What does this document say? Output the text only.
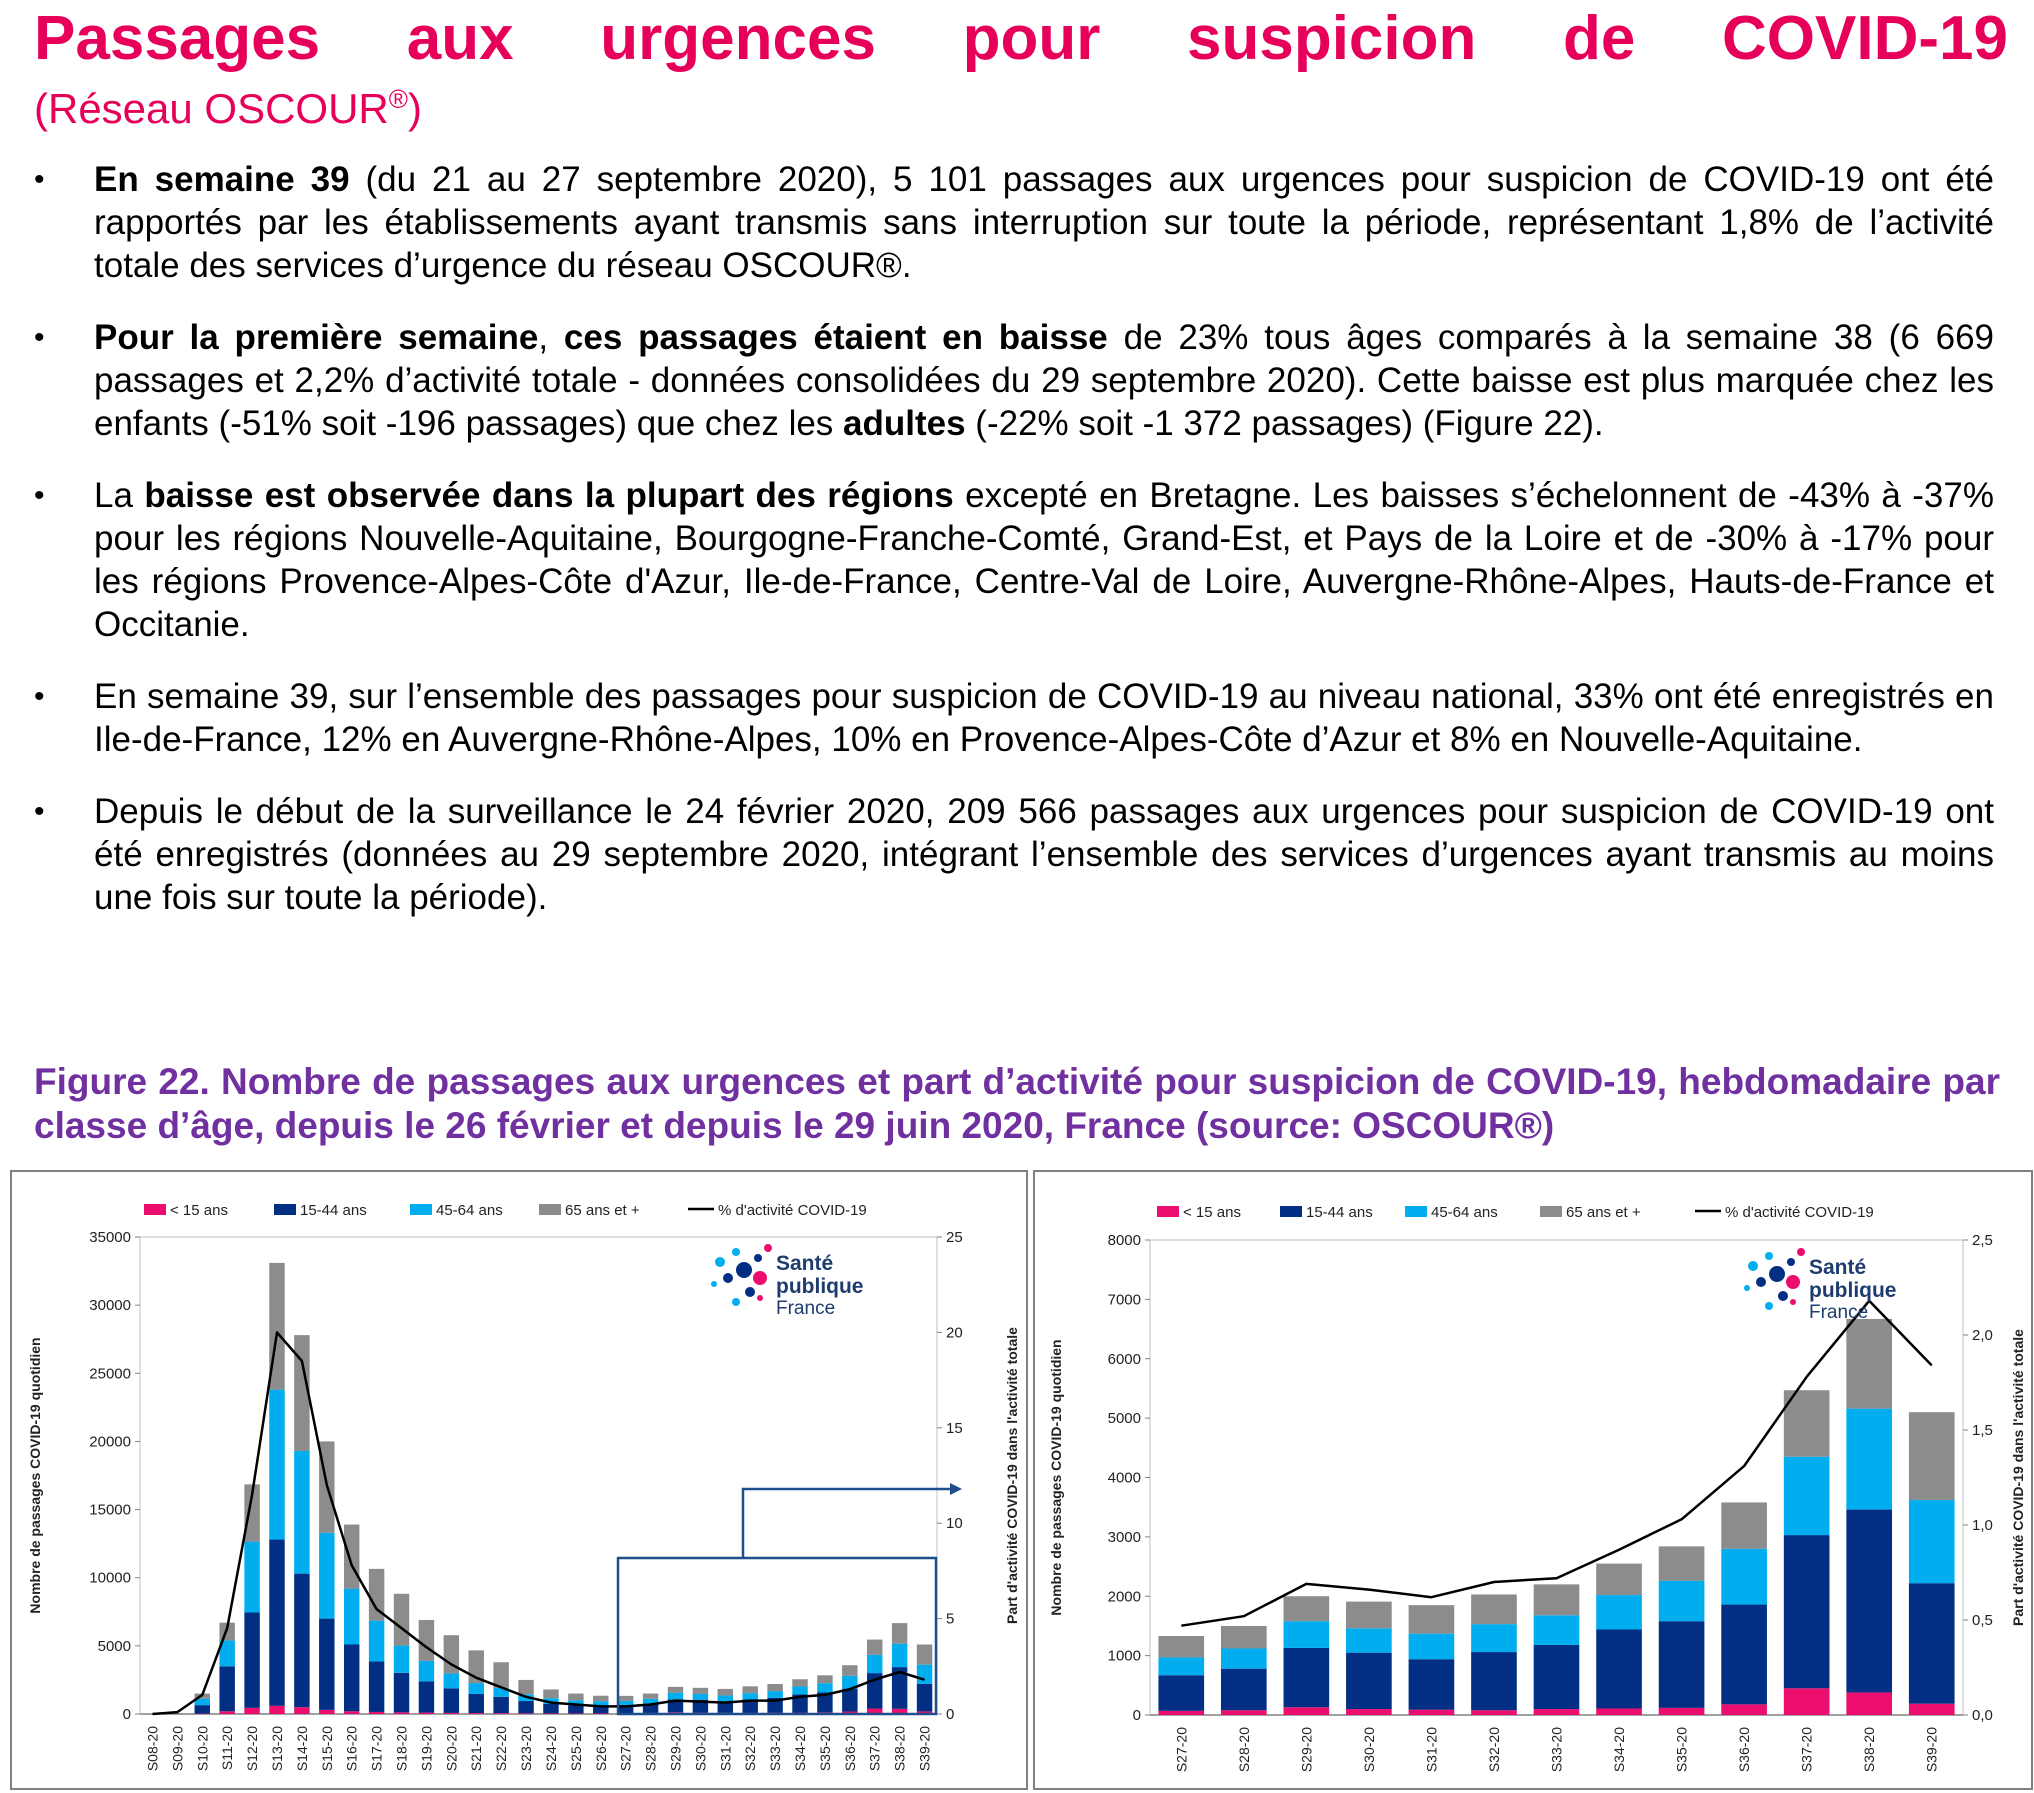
Passages aux urgences pour suspicion de COVID-19
(Réseau OSCOUR®)
• En semaine 39 (du 21 au 27 septembre 2020), 5 101 passages aux urgences pour suspicion de COVID-19 ont été rapportés par les établissements ayant transmis sans interruption sur toute la période, représentant 1,8% de l’activité totale des services d’urgence du réseau OSCOUR®.
• Pour la première semaine, ces passages étaient en baisse de 23% tous âges comparés à la semaine 38 (6 669 passages et 2,2% d’activité totale - données consolidées du 29 septembre 2020). Cette baisse est plus marquée chez les enfants (-51% soit -196 passages) que chez les adultes (-22% soit -1 372 passages) (Figure 22).
• La baisse est observée dans la plupart des régions excepté en Bretagne. Les baisses s’échelonnent de -43% à -37% pour les régions Nouvelle-Aquitaine, Bourgogne-Franche-Comté, Grand-Est, et Pays de la Loire et de -30% à -17% pour les régions Provence-Alpes-Côte d'Azur, Ile-de-France, Centre-Val de Loire, Auvergne-Rhône-Alpes, Hauts-de-France et Occitanie.
• En semaine 39, sur l’ensemble des passages pour suspicion de COVID-19 au niveau national, 33% ont été enregistrés en Ile-de-France, 12% en Auvergne-Rhône-Alpes, 10% en Provence-Alpes-Côte d’Azur et 8% en Nouvelle-Aquitaine.
• Depuis le début de la surveillance le 24 février 2020, 209 566 passages aux urgences pour suspicion de COVID-19 ont été enregistrés (données au 29 septembre 2020, intégrant l’ensemble des services d’urgences ayant transmis au moins une fois sur toute la période).
Figure 22. Nombre de passages aux urgences et part d’activité pour suspicion de COVID-19, hebdomadaire par classe d’âge, depuis le 26 février et depuis le 29 juin 2020, France (source: OSCOUR®)
< 15 ans	15-44 ans	45-64 ans	65 ans et +	% d'activité COVID-19
0
5000
10000
15000
20000
25000
30000
35000
0
5
10
15
20
25
Nombre de passages COVID-19 quotidien	Part d'activité COVID-19 dans l'activité totale
S08-20 S09-20 S10-20 S11-20 S12-20 S13-20 S14-20 S15-20 S16-20 S17-20 S18-20 S19-20 S20-20 S21-20 S22-20 S23-20 S24-20 S25-20 S26-20 S27-20 S28-20 S29-20 S30-20 S31-20 S32-20 S33-20 S34-20 S35-20 S36-20 S37-20 S38-20 S39-20
Santé
publique
France
< 15 ans	15-44 ans	45-64 ans	65 ans et +	% d'activité COVID-19
0
1000
2000
3000
4000
5000
6000
7000
8000
0,0
0,5
1,0
1,5
2,0
2,5
Nombre de passages COVID-19 quotidien	Part d'activité COVID-19 dans l'activité totale
S27-20	S28-20	S29-20	S30-20	S31-20	S32-20	S33-20	S34-20	S35-20	S36-20	S37-20	S38-20	S39-20
Santé
publique
France
